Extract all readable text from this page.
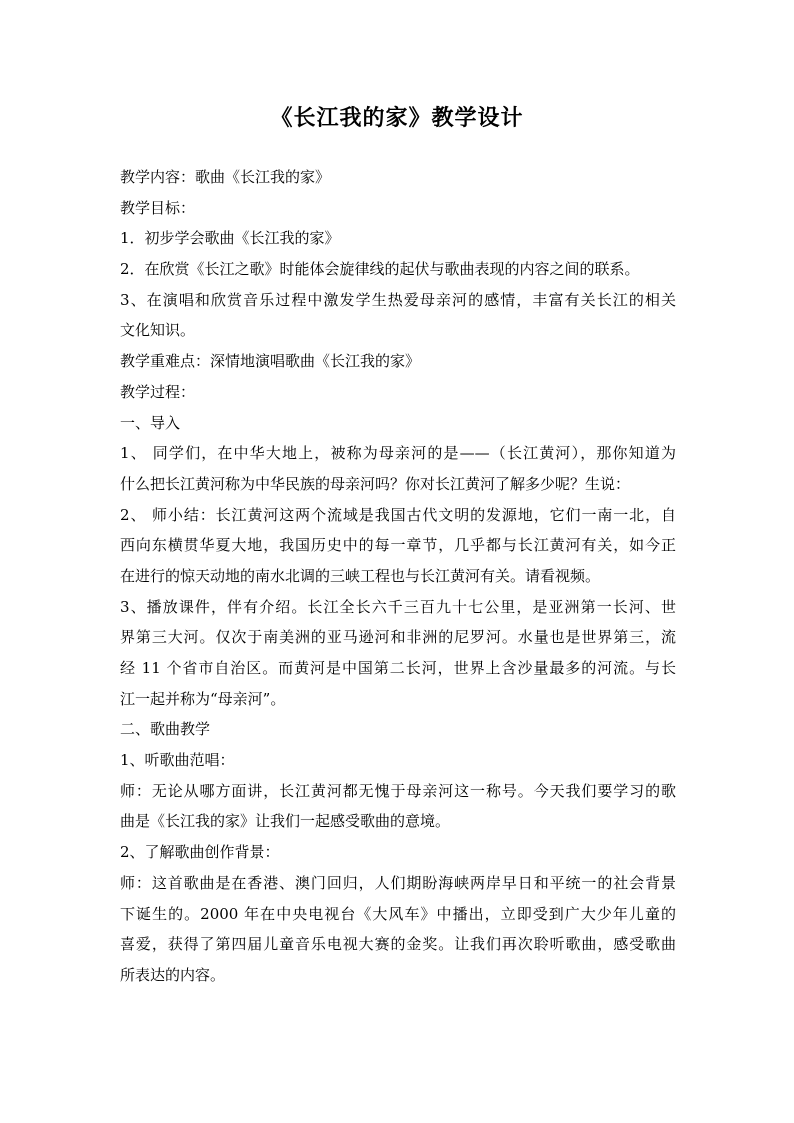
《长江我的家》教学设计
教学内容：歌曲《长江我的家》
教学目标：
1．初步学会歌曲《长江我的家》
2．在欣赏《长江之歌》时能体会旋律线的起伏与歌曲表现的内容之间的联系。
3、在演唱和欣赏音乐过程中激发学生热爱母亲河的感情，丰富有关长江的相关
文化知识。
教学重难点：深情地演唱歌曲《长江我的家》
教学过程：
一、导入
1、 同学们，在中华大地上，被称为母亲河的是——（长江黄河），那你知道为
什么把长江黄河称为中华民族的母亲河吗？你对长江黄河了解多少呢？生说：
2、 师小结：长江黄河这两个流域是我国古代文明的发源地，它们一南一北，自
西向东横贯华夏大地，我国历史中的每一章节，几乎都与长江黄河有关，如今正
在进行的惊天动地的南水北调的三峡工程也与长江黄河有关。请看视频。
3、播放课件，伴有介绍。长江全长六千三百九十七公里，是亚洲第一长河、世
界第三大河。仅次于南美洲的亚马逊河和非洲的尼罗河。水量也是世界第三，流
经 11 个省市自治区。而黄河是中国第二长河，世界上含沙量最多的河流。与长
江一起并称为“母亲河”。
二、歌曲教学
1、听歌曲范唱：
师：无论从哪方面讲，长江黄河都无愧于母亲河这一称号。今天我们要学习的歌
曲是《长江我的家》让我们一起感受歌曲的意境。
2、了解歌曲创作背景：
师：这首歌曲是在香港、澳门回归，人们期盼海峡两岸早日和平统一的社会背景
下诞生的。2000 年在中央电视台《大风车》中播出，立即受到广大少年儿童的
喜爱，获得了第四届儿童音乐电视大赛的金奖。让我们再次聆听歌曲，感受歌曲
所表达的内容。
